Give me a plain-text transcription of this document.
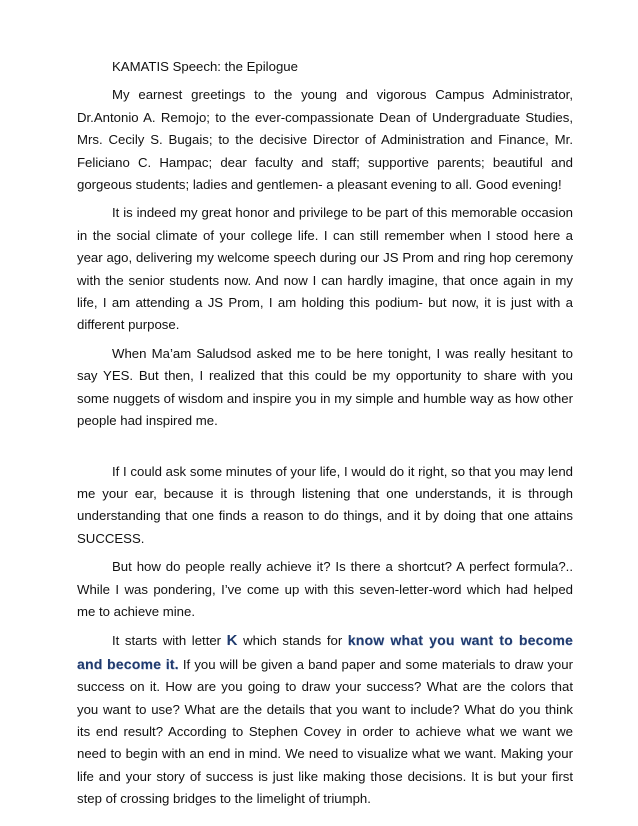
KAMATIS Speech: the Epilogue

My earnest greetings to the young and vigorous Campus Administrator, Dr.Antonio A. Remojo; to the ever-compassionate Dean of Undergraduate Studies, Mrs. Cecily S. Bugais; to the decisive Director of Administration and Finance, Mr. Feliciano C. Hampac; dear faculty and staff; supportive parents; beautiful and gorgeous students; ladies and gentlemen- a pleasant evening to all. Good evening!

It is indeed my great honor and privilege to be part of this memorable occasion in the social climate of your college life. I can still remember when I stood here a year ago, delivering my welcome speech during our JS Prom and ring hop ceremony with the senior students now. And now I can hardly imagine, that once again in my life, I am attending a JS Prom, I am holding this podium- but now, it is just with a different purpose.

When Ma’am Saludsod asked me to be here tonight, I was really hesitant to say YES. But then, I realized that this could be my opportunity to share with you some nuggets of wisdom and inspire you in my simple and humble way as how other people had inspired me.

If I could ask some minutes of your life, I would do it right, so that you may lend me your ear, because it is through listening that one understands, it is through understanding that one finds a reason to do things, and it by doing that one attains SUCCESS.

But how do people really achieve it? Is there a shortcut? A perfect formula?.. While I was pondering, I’ve come up with this seven-letter-word which had helped me to achieve mine.

It starts with letter K which stands for know what you want to become and become it. If you will be given a band paper and some materials to draw your success on it. How are you going to draw your success? What are the colors that you want to use? What are the details that you want to include? What do you think its end result? According to Stephen Covey in order to achieve what we want we need to begin with an end in mind. We need to visualize what we want. Making your life and your story of success is just like making those decisions. It is but your first step of crossing bridges to the limelight of triumph.
